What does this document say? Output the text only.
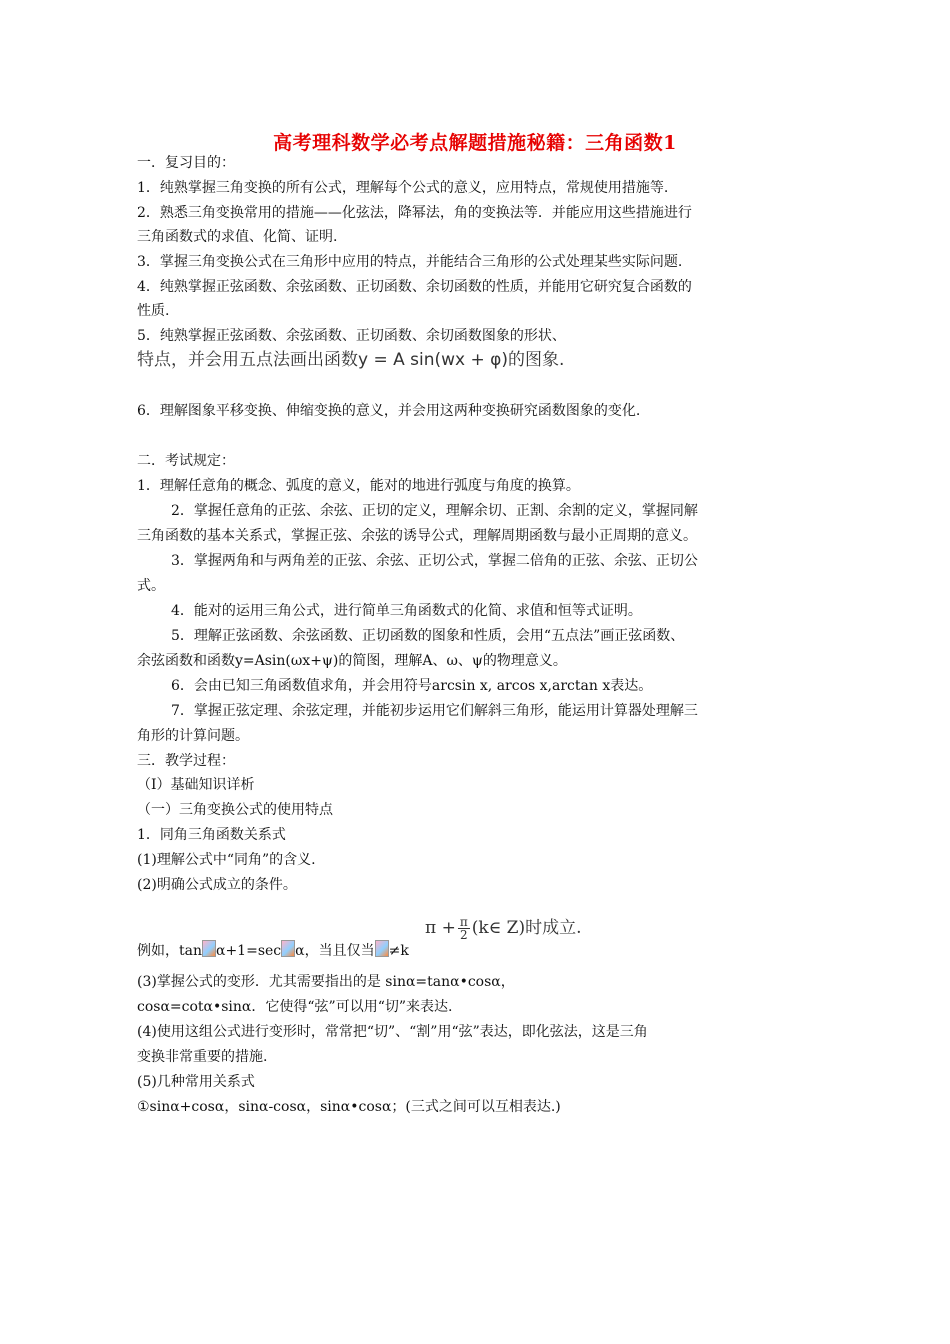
高考理科数学必考点解题措施秘籍：三角函数1
一．复习目的：
1．纯熟掌握三角变换的所有公式，理解每个公式的意义，应用特点，常规使用措施等.
2．熟悉三角变换常用的措施——化弦法，降幂法，角的变换法等．并能应用这些措施进行
三角函数式的求值、化简、证明.
3．掌握三角变换公式在三角形中应用的特点，并能结合三角形的公式处理某些实际问题.
4．纯熟掌握正弦函数、余弦函数、正切函数、余切函数的性质，并能用它研究复合函数的
性质.
5．纯熟掌握正弦函数、余弦函数、正切函数、余切函数图象的形状、
特点，并会用五点法画出函数y = A sin(wx + φ)的图象.
6．理解图象平移变换、伸缩变换的意义，并会用这两种变换研究函数图象的变化.
二．考试规定：
1．理解任意角的概念、弧度的意义，能对的地进行弧度与角度的换算。
2．掌握任意角的正弦、余弦、正切的定义，理解余切、正割、余割的定义，掌握同解
三角函数的基本关系式，掌握正弦、余弦的诱导公式，理解周期函数与最小正周期的意义。
3．掌握两角和与两角差的正弦、余弦、正切公式，掌握二倍角的正弦、余弦、正切公
式。
4．能对的运用三角公式，进行简单三角函数式的化简、求值和恒等式证明。
5．理解正弦函数、余弦函数、正切函数的图象和性质，会用“五点法”画正弦函数、
余弦函数和函数y=Asin(ωx+ψ)的简图，理解A、ω、ψ的物理意义。
6．会由已知三角函数值求角，并会用符号arcsin x, arcos x,arctan x表达。
7．掌握正弦定理、余弦定理，并能初步运用它们解斜三角形，能运用计算器处理解三
角形的计算问题。
三．教学过程：
（Ⅰ）基础知识详析
（一）三角变换公式的使用特点
1．同角三角函数关系式
(1)理解公式中“同角”的含义.
(2)明确公式成立的条件。
例如，tan α+1=sec α，当且仅当 ≠k
$\pi + \frac{\pi}{2}$ (k∈ Z)时成立.
(3)掌握公式的变形．尤其需要指出的是 sinα=tanα•cosα，
cosα=cotα•sinα．它使得“弦”可以用“切”来表达.
(4)使用这组公式进行变形时，常常把“切”、“割”用“弦”表达，即化弦法，这是三角
变换非常重要的措施.
(5)几种常用关系式
①sinα+cosα，sinα-cosα，sinα•cosα；(三式之间可以互相表达.)
